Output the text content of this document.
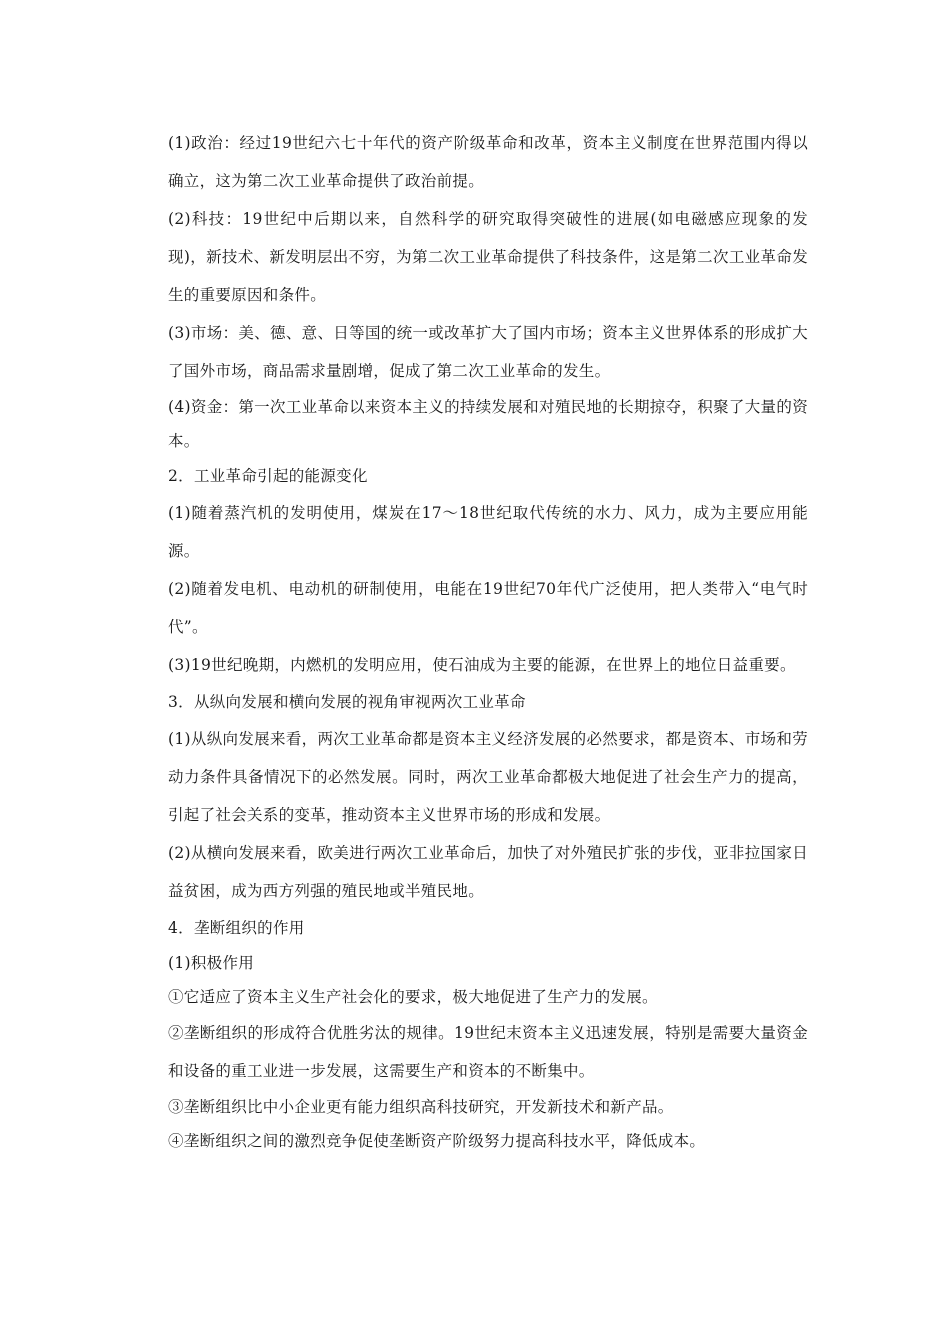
(1)政治：经过19世纪六七十年代的资产阶级革命和改革，资本主义制度在世界范围内得以确立，这为第二次工业革命提供了政治前提。

(2)科技：19世纪中后期以来，自然科学的研究取得突破性的进展(如电磁感应现象的发现)，新技术、新发明层出不穷，为第二次工业革命提供了科技条件，这是第二次工业革命发生的重要原因和条件。

(3)市场：美、德、意、日等国的统一或改革扩大了国内市场；资本主义世界体系的形成扩大了国外市场，商品需求量剧增，促成了第二次工业革命的发生。

(4)资金：第一次工业革命以来资本主义的持续发展和对殖民地的长期掠夺，积聚了大量的资本。

2．工业革命引起的能源变化

(1)随着蒸汽机的发明使用，煤炭在17～18世纪取代传统的水力、风力，成为主要应用能源。

(2)随着发电机、电动机的研制使用，电能在19世纪70年代广泛使用，把人类带入“电气时代”。

(3)19世纪晚期，内燃机的发明应用，使石油成为主要的能源，在世界上的地位日益重要。

3．从纵向发展和横向发展的视角审视两次工业革命

(1)从纵向发展来看，两次工业革命都是资本主义经济发展的必然要求，都是资本、市场和劳动力条件具备情况下的必然发展。同时，两次工业革命都极大地促进了社会生产力的提高，引起了社会关系的变革，推动资本主义世界市场的形成和发展。

(2)从横向发展来看，欧美进行两次工业革命后，加快了对外殖民扩张的步伐，亚非拉国家日益贫困，成为西方列强的殖民地或半殖民地。

4．垄断组织的作用

(1)积极作用

①它适应了资本主义生产社会化的要求，极大地促进了生产力的发展。

②垄断组织的形成符合优胜劣汰的规律。19世纪末资本主义迅速发展，特别是需要大量资金和设备的重工业进一步发展，这需要生产和资本的不断集中。

③垄断组织比中小企业更有能力组织高科技研究，开发新技术和新产品。

④垄断组织之间的激烈竞争促使垄断资产阶级努力提高科技水平，降低成本。
